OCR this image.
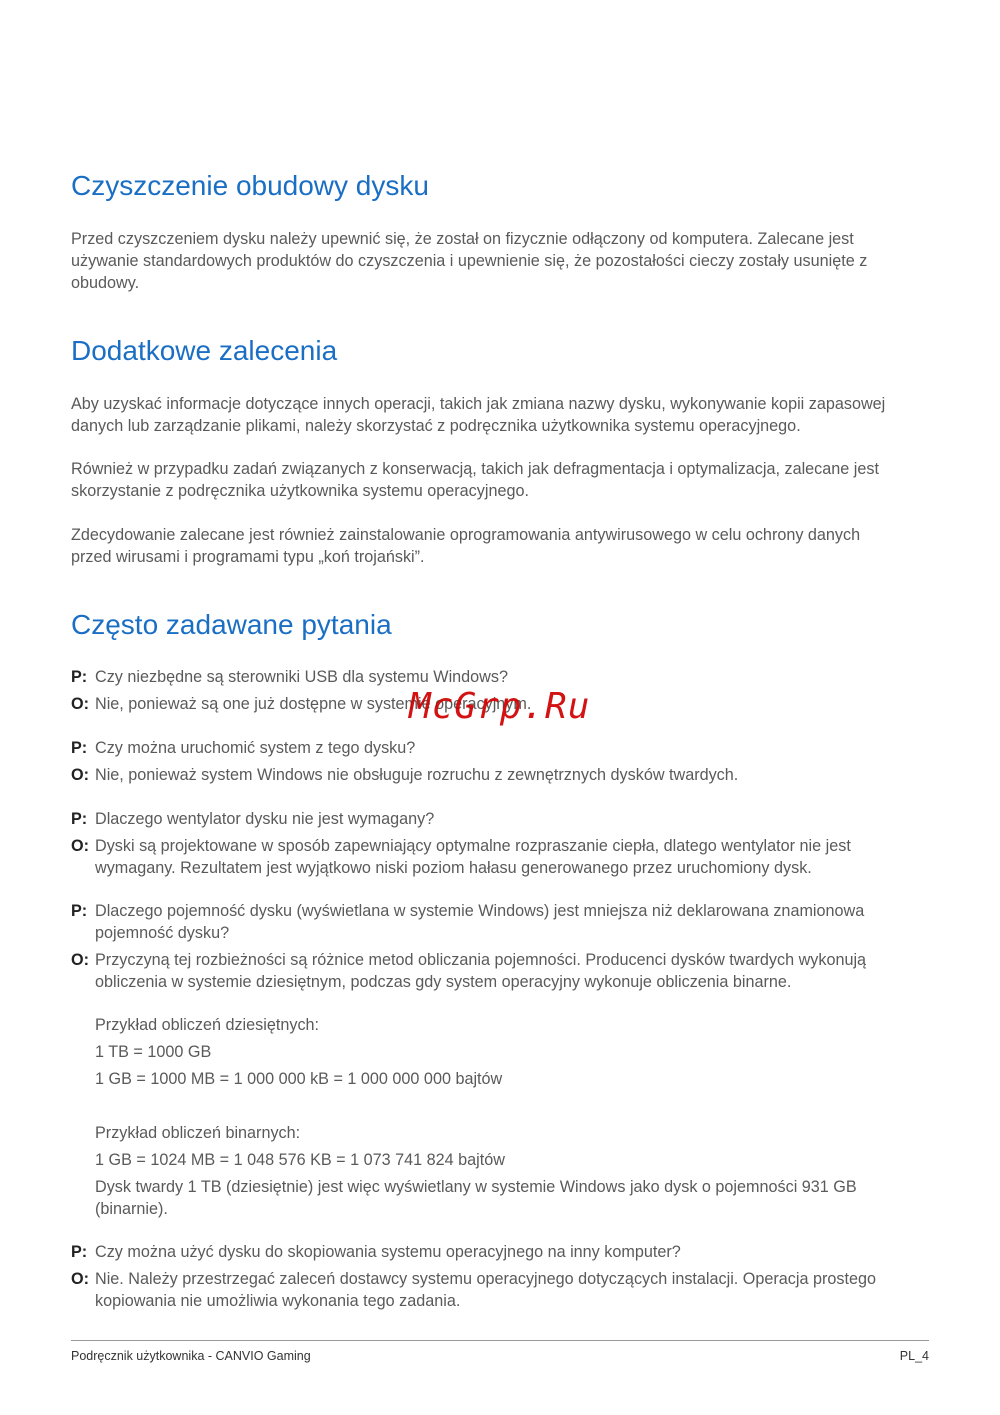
Czyszczenie obudowy dysku

Przed czyszczeniem dysku należy upewnić się, że został on fizycznie odłączony od komputera. Zalecane jest używanie standardowych produktów do czyszczenia i upewnienie się, że pozostałości cieczy zostały usunięte z obudowy.

Dodatkowe zalecenia

Aby uzyskać informacje dotyczące innych operacji, takich jak zmiana nazwy dysku, wykonywanie kopii zapasowej danych lub zarządzanie plikami, należy skorzystać z podręcznika użytkownika systemu operacyjnego.

Również w przypadku zadań związanych z konserwacją, takich jak defragmentacja i optymalizacja, zalecane jest skorzystanie z podręcznika użytkownika systemu operacyjnego.

Zdecydowanie zalecane jest również zainstalowanie oprogramowania antywirusowego w celu ochrony danych przed wirusami i programami typu „koń trojański”.

Często zadawane pytania
P: Czy niezbędne są sterowniki USB dla systemu Windows?
O: Nie, ponieważ są one już dostępne w systemie operacyjnym.
P: Czy można uruchomić system z tego dysku?
O: Nie, ponieważ system Windows nie obsługuje rozruchu z zewnętrznych dysków twardych.
P: Dlaczego wentylator dysku nie jest wymagany?
O: Dyski są projektowane w sposób zapewniający optymalne rozpraszanie ciepła, dlatego wentylator nie jest wymagany. Rezultatem jest wyjątkowo niski poziom hałasu generowanego przez uruchomiony dysk.
P: Dlaczego pojemność dysku (wyświetlana w systemie Windows) jest mniejsza niż deklarowana znamionowa pojemność dysku?
O: Przyczyną tej rozbieżności są różnice metod obliczania pojemności. Producenci dysków twardych wykonują obliczenia w systemie dziesiętnym, podczas gdy system operacyjny wykonuje obliczenia binarne.
Przykład obliczeń dziesiętnych:
1 TB = 1000 GB
1 GB = 1000 MB = 1 000 000 kB = 1 000 000 000 bajtów
Przykład obliczeń binarnych:
1 GB = 1024 MB = 1 048 576 KB = 1 073 741 824 bajtów
Dysk twardy 1 TB (dziesiętnie) jest więc wyświetlany w systemie Windows jako dysk o pojemności 931 GB (binarnie).
P: Czy można użyć dysku do skopiowania systemu operacyjnego na inny komputer?
O: Nie. Należy przestrzegać zaleceń dostawcy systemu operacyjnego dotyczących instalacji. Operacja prostego kopiowania nie umożliwia wykonania tego zadania.
Podręcznik użytkownika - CANVIO Gaming	PL_4
McGrp.Ru
